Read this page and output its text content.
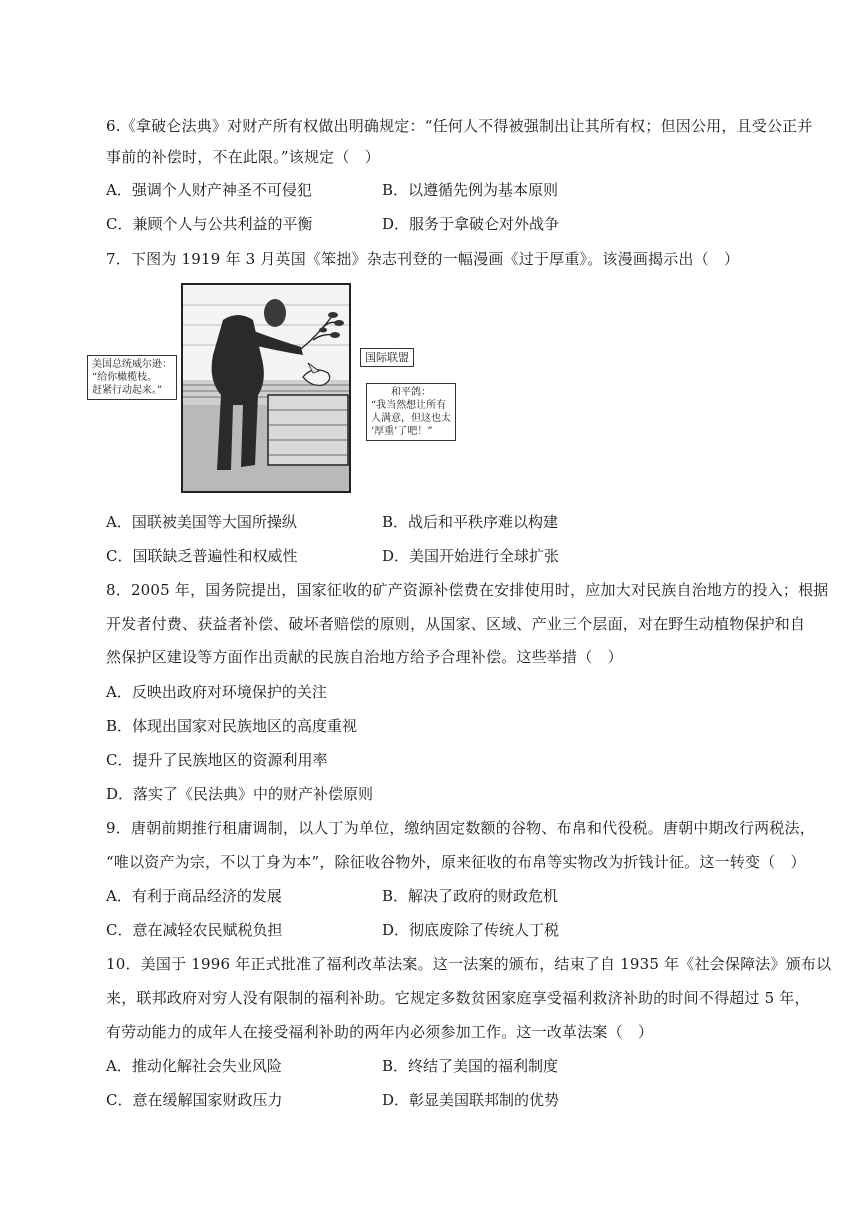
6.《拿破仑法典》对财产所有权做出明确规定：“任何人不得被强制出让其所有权；但因公用，且受公正并
事前的补偿时，不在此限。”该规定（　）
A．强调个人财产神圣不可侵犯	B．以遵循先例为基本原则
C．兼顾个人与公共利益的平衡	D．服务于拿破仑对外战争
7．下图为 1919 年 3 月英国《笨拙》杂志刊登的一幅漫画《过于厚重》。该漫画揭示出（　）
美国总统威尔逊：
“给你橄榄枝。
赶紧行动起来。”
国际联盟
和平鸽：
“我当然想让所有
人满意，但这也太
‘厚重’了吧！”
A．国联被美国等大国所操纵	B．战后和平秩序难以构建
C．国联缺乏普遍性和权威性	D．美国开始进行全球扩张
8．2005 年，国务院提出，国家征收的矿产资源补偿费在安排使用时，应加大对民族自治地方的投入；根据
开发者付费、获益者补偿、破坏者赔偿的原则，从国家、区域、产业三个层面，对在野生动植物保护和自
然保护区建设等方面作出贡献的民族自治地方给予合理补偿。这些举措（　）
A．反映出政府对环境保护的关注
B．体现出国家对民族地区的高度重视
C．提升了民族地区的资源利用率
D．落实了《民法典》中的财产补偿原则
9．唐朝前期推行租庸调制，以人丁为单位，缴纳固定数额的谷物、布帛和代役税。唐朝中期改行两税法，
“唯以资产为宗，不以丁身为本”，除征收谷物外，原来征收的布帛等实物改为折钱计征。这一转变（　）
A．有利于商品经济的发展	B．解决了政府的财政危机
C．意在减轻农民赋税负担	D．彻底废除了传统人丁税
10．美国于 1996 年正式批准了福利改革法案。这一法案的颁布，结束了自 1935 年《社会保障法》颁布以
来，联邦政府对穷人没有限制的福利补助。它规定多数贫困家庭享受福利救济补助的时间不得超过 5 年，
有劳动能力的成年人在接受福利补助的两年内必须参加工作。这一改革法案（　）
A．推动化解社会失业风险	B．终结了美国的福利制度
C．意在缓解国家财政压力	D．彰显美国联邦制的优势
